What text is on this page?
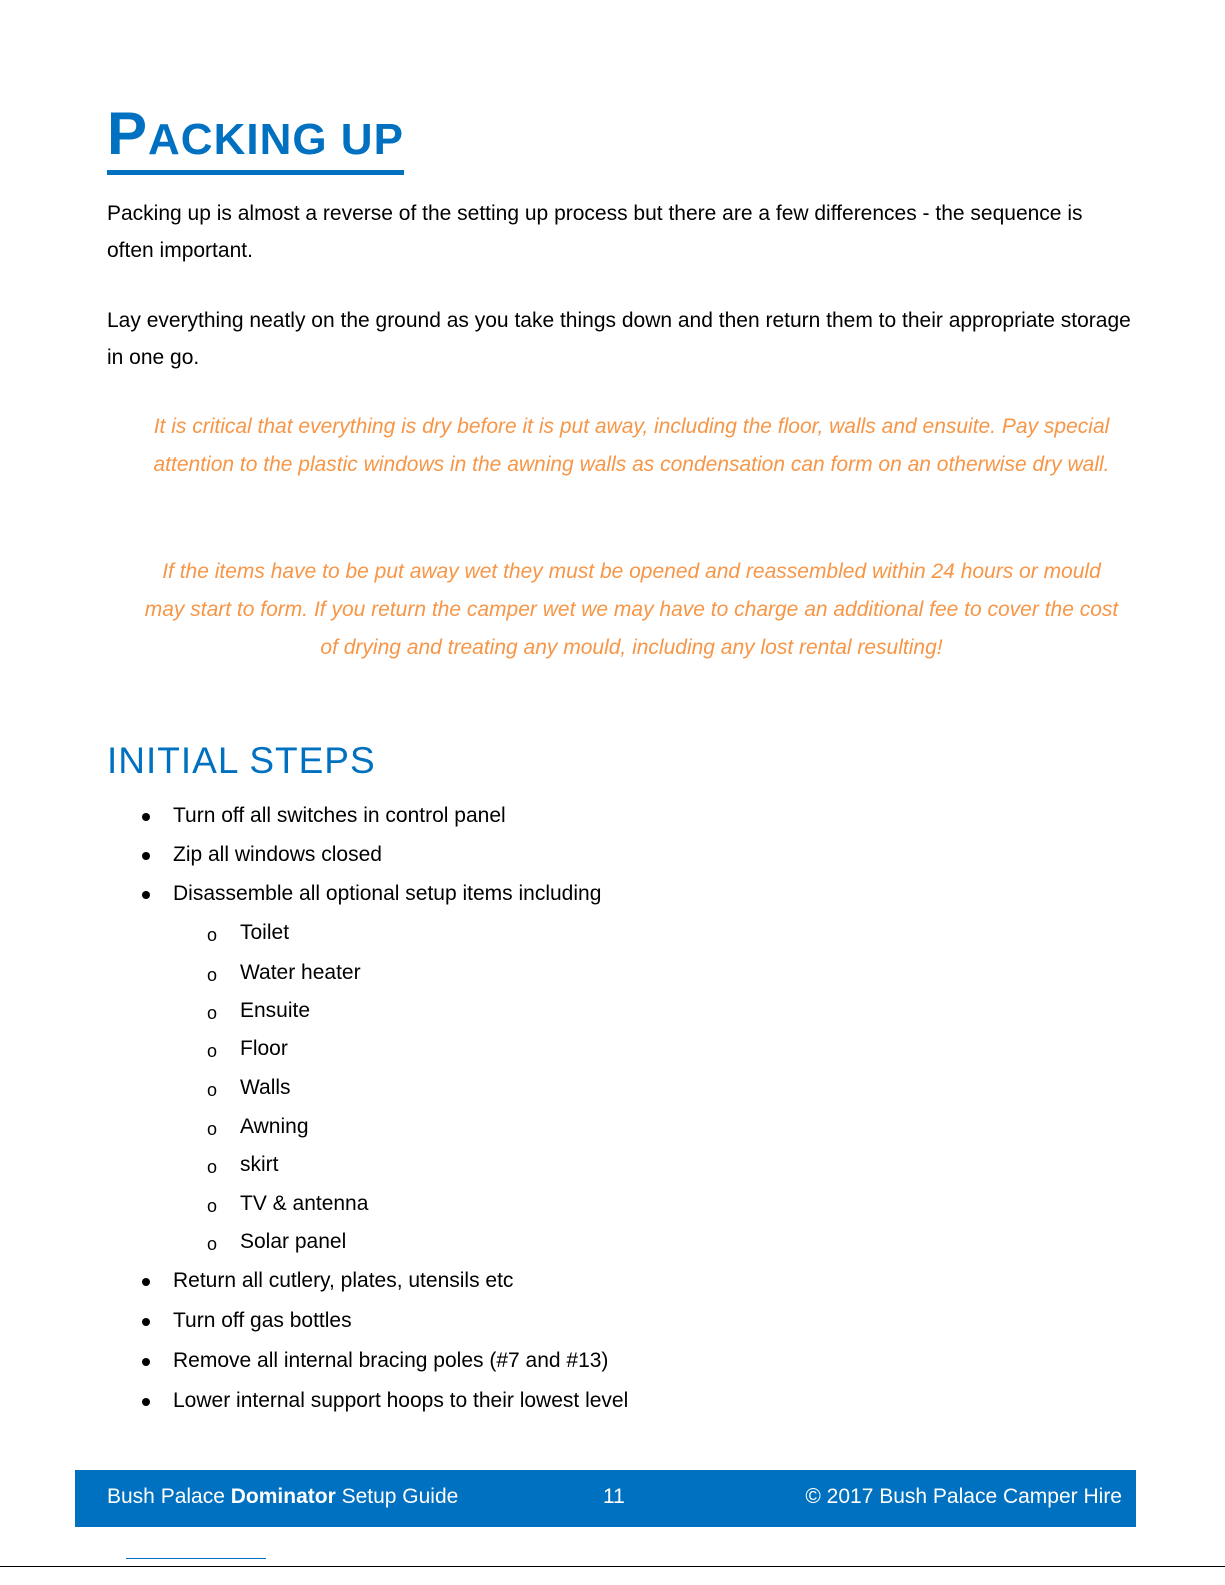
PACKING UP

Packing up is almost a reverse of the setting up process but there are a few differences - the sequence is often important.

Lay everything neatly on the ground as you take things down and then return them to their appropriate storage in one go.

It is critical that everything is dry before it is put away, including the floor, walls and ensuite. Pay special attention to the plastic windows in the awning walls as condensation can form on an otherwise dry wall.

If the items have to be put away wet they must be opened and reassembled within 24 hours or mould may start to form. If you return the camper wet we may have to charge an additional fee to cover the cost of drying and treating any mould, including any lost rental resulting!

INITIAL STEPS
Turn off all switches in control panel
Zip all windows closed
Disassemble all optional setup items including
o Toilet
o Water heater
o Ensuite
o Floor
o Walls
o Awning
o skirt
o TV & antenna
o Solar panel
Return all cutlery, plates, utensils etc
Turn off gas bottles
Remove all internal bracing poles (#7 and #13)
Lower internal support hoops to their lowest level
Bush Palace Dominator Setup Guide	11	© 2017 Bush Palace Camper Hire
